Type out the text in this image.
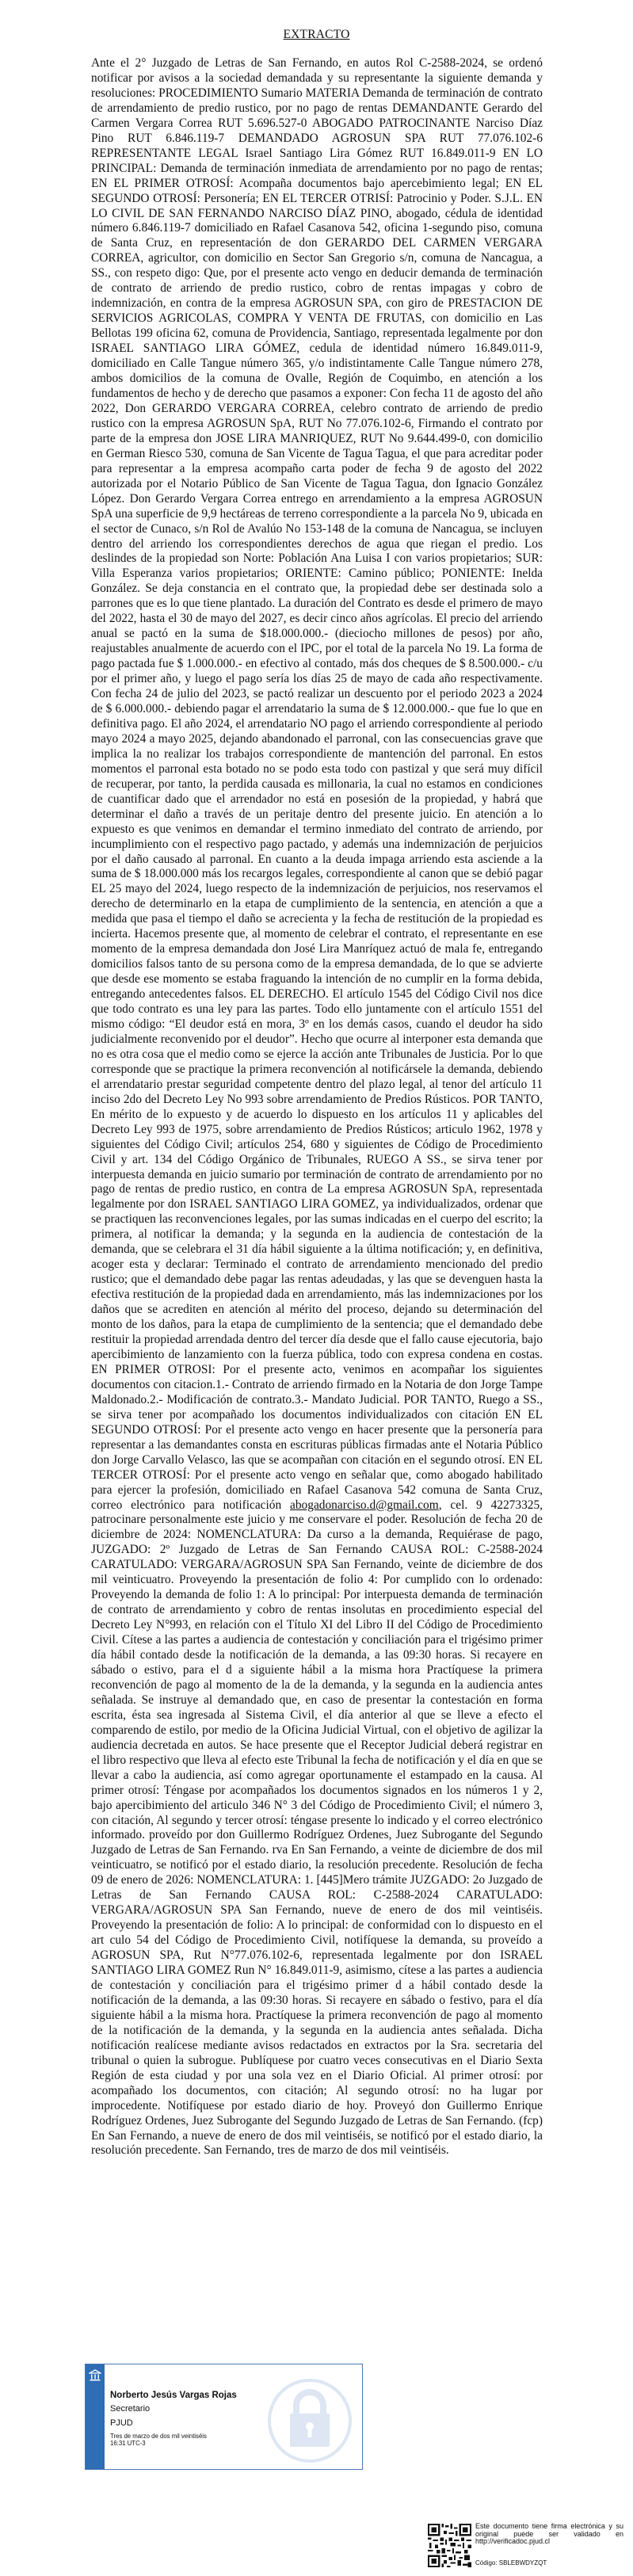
EXTRACTO
Ante el 2° Juzgado de Letras de San Fernando, en autos Rol C-2588-2024, se ordenó notificar por avisos a la sociedad demandada y su representante la siguiente demanda y resoluciones: PROCEDIMIENTO Sumario MATERIA Demanda de terminación de contrato de arrendamiento de predio rustico, por no pago de rentas DEMANDANTE Gerardo del Carmen Vergara Correa RUT 5.696.527-0 ABOGADO PATROCINANTE Narciso Díaz Pino RUT 6.846.119-7 DEMANDADO AGROSUN SPA RUT 77.076.102-6 REPRESENTANTE LEGAL Israel Santiago Lira Gómez RUT 16.849.011-9 EN LO PRINCIPAL: Demanda de terminación inmediata de arrendamiento por no pago de rentas; EN EL PRIMER OTROSÍ: Acompaña documentos bajo apercebimiento legal; EN EL SEGUNDO OTROSÍ: Personería; EN EL TERCER OTRISÍ: Patrocinio y Poder. S.J.L. EN LO CIVIL DE SAN FERNANDO NARCISO DÍAZ PINO, abogado, cédula de identidad número 6.846.119-7 domiciliado en Rafael Casanova 542, oficina 1-segundo piso, comuna de Santa Cruz, en representación de don GERARDO DEL CARMEN VERGARA CORREA, agricultor, con domicilio en Sector San Gregorio s/n, comuna de Nancagua, a SS., con respeto digo: Que, por el presente acto vengo en deducir demanda de terminación de contrato de arriendo de predio rustico, cobro de rentas impagas y cobro de indemnización, en contra de la empresa AGROSUN SPA, con giro de PRESTACION DE SERVICIOS AGRICOLAS, COMPRA Y VENTA DE FRUTAS, con domicilio en Las Bellotas 199 oficina 62, comuna de Providencia, Santiago, representada legalmente por don ISRAEL SANTIAGO LIRA GÓMEZ, cedula de identidad número 16.849.011-9, domiciliado en Calle Tangue número 365, y/o indistintamente Calle Tangue número 278, ambos domicilios de la comuna de Ovalle, Región de Coquimbo, en atención a los fundamentos de hecho y de derecho que pasamos a exponer: Con fecha 11 de agosto del año 2022, Don GERARDO VERGARA CORREA, celebro contrato de arriendo de predio rustico con la empresa AGROSUN SpA, RUT No 77.076.102-6, Firmando el contrato por parte de la empresa don JOSE LIRA MANRIQUEZ, RUT No 9.644.499-0, con domicilio en German Riesco 530, comuna de San Vicente de Tagua Tagua, el que para acreditar poder para representar a la empresa acompaño carta poder de fecha 9 de agosto del 2022 autorizada por el Notario Público de San Vicente de Tagua Tagua, don Ignacio González López. Don Gerardo Vergara Correa entrego en arrendamiento a la empresa AGROSUN SpA una superficie de 9,9 hectáreas de terreno correspondiente a la parcela No 9, ubicada en el sector de Cunaco, s/n Rol de Avalúo No 153-148 de la comuna de Nancagua, se incluyen dentro del arriendo los correspondientes derechos de agua que riegan el predio. Los deslindes de la propiedad son Norte: Población Ana Luisa I con varios propietarios; SUR: Villa Esperanza varios propietarios; ORIENTE: Camino público; PONIENTE: Inelda González. Se deja constancia en el contrato que, la propiedad debe ser destinada solo a parrones que es lo que tiene plantado. La duración del Contrato es desde el primero de mayo del 2022, hasta el 30 de mayo del 2027, es decir cinco años agrícolas. El precio del arriendo anual se pactó en la suma de $18.000.000.- (dieciocho millones de pesos) por año, reajustables anualmente de acuerdo con el IPC, por el total de la parcela No 19. La forma de pago pactada fue $ 1.000.000.- en efectivo al contado, más dos cheques de $ 8.500.000.- c/u por el primer año, y luego el pago sería los días 25 de mayo de cada año respectivamente. Con fecha 24 de julio del 2023, se pactó realizar un descuento por el periodo 2023 a 2024 de $ 6.000.000.- debiendo pagar el arrendatario la suma de $ 12.000.000.- que fue lo que en definitiva pago. El año 2024, el arrendatario NO pago el arriendo correspondiente al periodo mayo 2024 a mayo 2025, dejando abandonado el parronal, con las consecuencias grave que implica la no realizar los trabajos correspondiente de mantención del parronal. En estos momentos el parronal esta botado no se podo esta todo con pastizal y que será muy difícil de recuperar, por tanto, la perdida causada es millonaria, la cual no estamos en condiciones de cuantificar dado que el arrendador no está en posesión de la propiedad, y habrá que determinar el daño a través de un peritaje dentro del presente juicio. En atención a lo expuesto es que venimos en demandar el termino inmediato del contrato de arriendo, por incumplimiento con el respectivo pago pactado, y además una indemnización de perjuicios por el daño causado al parronal. En cuanto a la deuda impaga arriendo esta asciende a la suma de $ 18.000.000 más los recargos legales, correspondiente al canon que se debió pagar EL 25 mayo del 2024, luego respecto de la indemnización de perjuicios, nos reservamos el derecho de determinarlo en la etapa de cumplimiento de la sentencia, en atención a que a medida que pasa el tiempo el daño se acrecienta y la fecha de restitución de la propiedad es incierta. Hacemos presente que, al momento de celebrar el contrato, el representante en ese momento de la empresa demandada don José Lira Manríquez actuó de mala fe, entregando domicilios falsos tanto de su persona como de la empresa demandada, de lo que se advierte que desde ese momento se estaba fraguando la intención de no cumplir en la forma debida, entregando antecedentes falsos. EL DERECHO. El artículo 1545 del Código Civil nos dice que todo contrato es una ley para las partes. Todo ello juntamente con el artículo 1551 del mismo código: “El deudor está en mora, 3º en los demás casos, cuando el deudor ha sido judicialmente reconvenido por el deudor”. Hecho que ocurre al interponer esta demanda que no es otra cosa que el medio como se ejerce la acción ante Tribunales de Justicia. Por lo que corresponde que se practique la primera reconvención al notificársele la demanda, debiendo el arrendatario prestar seguridad competente dentro del plazo legal, al tenor del artículo 11 inciso 2do del Decreto Ley No 993 sobre arrendamiento de Predios Rústicos. POR TANTO, En mérito de lo expuesto y de acuerdo lo dispuesto en los artículos 11 y aplicables del Decreto Ley 993 de 1975, sobre arrendamiento de Predios Rústicos; articulo 1962, 1978 y siguientes del Código Civil; artículos 254, 680 y siguientes de Código de Procedimiento Civil y art. 134 del Código Orgánico de Tribunales, RUEGO A SS., se sirva tener por interpuesta demanda en juicio sumario por terminación de contrato de arrendamiento por no pago de rentas de predio rustico, en contra de La empresa AGROSUN SpA, representada legalmente por don ISRAEL SANTIAGO LIRA GOMEZ, ya individualizados, ordenar que se practiquen las reconvenciones legales, por las sumas indicadas en el cuerpo del escrito; la primera, al notificar la demanda; y la segunda en la audiencia de contestación de la demanda, que se celebrara el 31 día hábil siguiente a la última notificación; y, en definitiva, acoger esta y declarar: Terminado el contrato de arrendamiento mencionado del predio rustico; que el demandado debe pagar las rentas adeudadas, y las que se devenguen hasta la efectiva restitución de la propiedad dada en arrendamiento, más las indemnizaciones por los daños que se acrediten en atención al mérito del proceso, dejando su determinación del monto de los daños, para la etapa de cumplimiento de la sentencia; que el demandado debe restituir la propiedad arrendada dentro del tercer día desde que el fallo cause ejecutoria, bajo apercibimiento de lanzamiento con la fuerza pública, todo con expresa condena en costas. EN PRIMER OTROSI: Por el presente acto, venimos en acompañar los siguientes documentos con citacion.1.- Contrato de arriendo firmado en la Notaria de don Jorge Tampe Maldonado.2.- Modificación de contrato.3.- Mandato Judicial. POR TANTO, Ruego a SS., se sirva tener por acompañado los documentos individualizados con citación EN EL SEGUNDO OTROSÍ: Por el presente acto vengo en hacer presente que la personería para representar a las demandantes consta en escrituras públicas firmadas ante el Notaria Público don Jorge Carvallo Velasco, las que se acompañan con citación en el segundo otrosí. EN EL TERCER OTROSÍ: Por el presente acto vengo en señalar que, como abogado habilitado para ejercer la profesión, domiciliado en Rafael Casanova 542 comuna de Santa Cruz, correo electrónico para notificación abogadonarciso.d@gmail.com, cel. 9 42273325, patrocinare personalmente este juicio y me conservare el poder. Resolución de fecha 20 de diciembre de 2024: NOMENCLATURA: Da curso a la demanda, Requiérase de pago, JUZGADO: 2º Juzgado de Letras de San Fernando CAUSA ROL: C-2588-2024 CARATULADO: VERGARA/AGROSUN SPA San Fernando, veinte de diciembre de dos mil veinticuatro. Proveyendo la presentación de folio 4: Por cumplido con lo ordenado: Proveyendo la demanda de folio 1: A lo principal: Por interpuesta demanda de terminación de contrato de arrendamiento y cobro de rentas insolutas en procedimiento especial del Decreto Ley N°993, en relación con el Título XI del Libro II del Código de Procedimiento Civil. Cítese a las partes a audiencia de contestación y conciliación para el trigésimo primer día hábil contado desde la notificación de la demanda, a las 09:30 horas. Si recayere en sábado o estivo, para el d a siguiente hábil a la misma hora Practíquese la primera reconvención de pago al momento de la de la demanda, y la segunda en la audiencia antes señalada. Se instruye al demandado que, en caso de presentar la contestación en forma escrita, ésta sea ingresada al Sistema Civil, el día anterior al que se lleve a efecto el comparendo de estilo, por medio de la Oficina Judicial Virtual, con el objetivo de agilizar la audiencia decretada en autos. Se hace presente que el Receptor Judicial deberá registrar en el libro respectivo que lleva al efecto este Tribunal la fecha de notificación y el día en que se llevar a cabo la audiencia, así como agregar oportunamente el estampado en la causa. Al primer otrosí: Téngase por acompañados los documentos signados en los números 1 y 2, bajo apercibimiento del articulo 346 N° 3 del Código de Procedimiento Civil; el número 3, con citación, Al segundo y tercer otrosí: téngase presente lo indicado y el correo electrónico informado. proveído por don Guillermo Rodríguez Ordenes, Juez Subrogante del Segundo Juzgado de Letras de San Fernando. rva En San Fernando, a veinte de diciembre de dos mil veinticuatro, se notificó por el estado diario, la resolución precedente. Resolución de fecha 09 de enero de 2026: NOMENCLATURA: 1. [445]Mero trámite JUZGADO: 2o Juzgado de Letras de San Fernando CAUSA ROL: C-2588-2024 CARATULADO: VERGARA/AGROSUN SPA San Fernando, nueve de enero de dos mil veintiséis. Proveyendo la presentación de folio: A lo principal: de conformidad con lo dispuesto en el art culo 54 del Código de Procedimiento Civil, notifíquese la demanda, su proveído a AGROSUN SPA, Rut N°77.076.102-6, representada legalmente por don ISRAEL SANTIAGO LIRA GOMEZ Run N° 16.849.011-9, asimismo, cítese a las partes a audiencia de contestación y conciliación para el trigésimo primer d a hábil contado desde la notificación de la demanda, a las 09:30 horas. Si recayere en sábado o festivo, para el día siguiente hábil a la misma hora. Practíquese la primera reconvención de pago al momento de la notificación de la demanda, y la segunda en la audiencia antes señalada. Dicha notificación realícese mediante avisos redactados en extractos por la Sra. secretaria del tribunal o quien la subrogue. Publíquese por cuatro veces consecutivas en el Diario Sexta Región de esta ciudad y por una sola vez en el Diario Oficial. Al primer otrosí: por acompañado los documentos, con citación; Al segundo otrosí: no ha lugar por improcedente. Notifíquese por estado diario de hoy. Proveyó don Guillermo Enrique Rodríguez Ordenes, Juez Subrogante del Segundo Juzgado de Letras de San Fernando. (fcp) En San Fernando, a nueve de enero de dos mil veintiséis, se notificó por el estado diario, la resolución precedente. San Fernando, tres de marzo de dos mil veintiséis.
Norberto Jesús Vargas Rojas
Secretario
PJUD
Tres de marzo de dos mil veintiséis
16:31 UTC-3
Este documento tiene firma electrónica y su original puede ser validado en http://verificadoc.pjud.cl
Código: SBLEBWDYZQT
